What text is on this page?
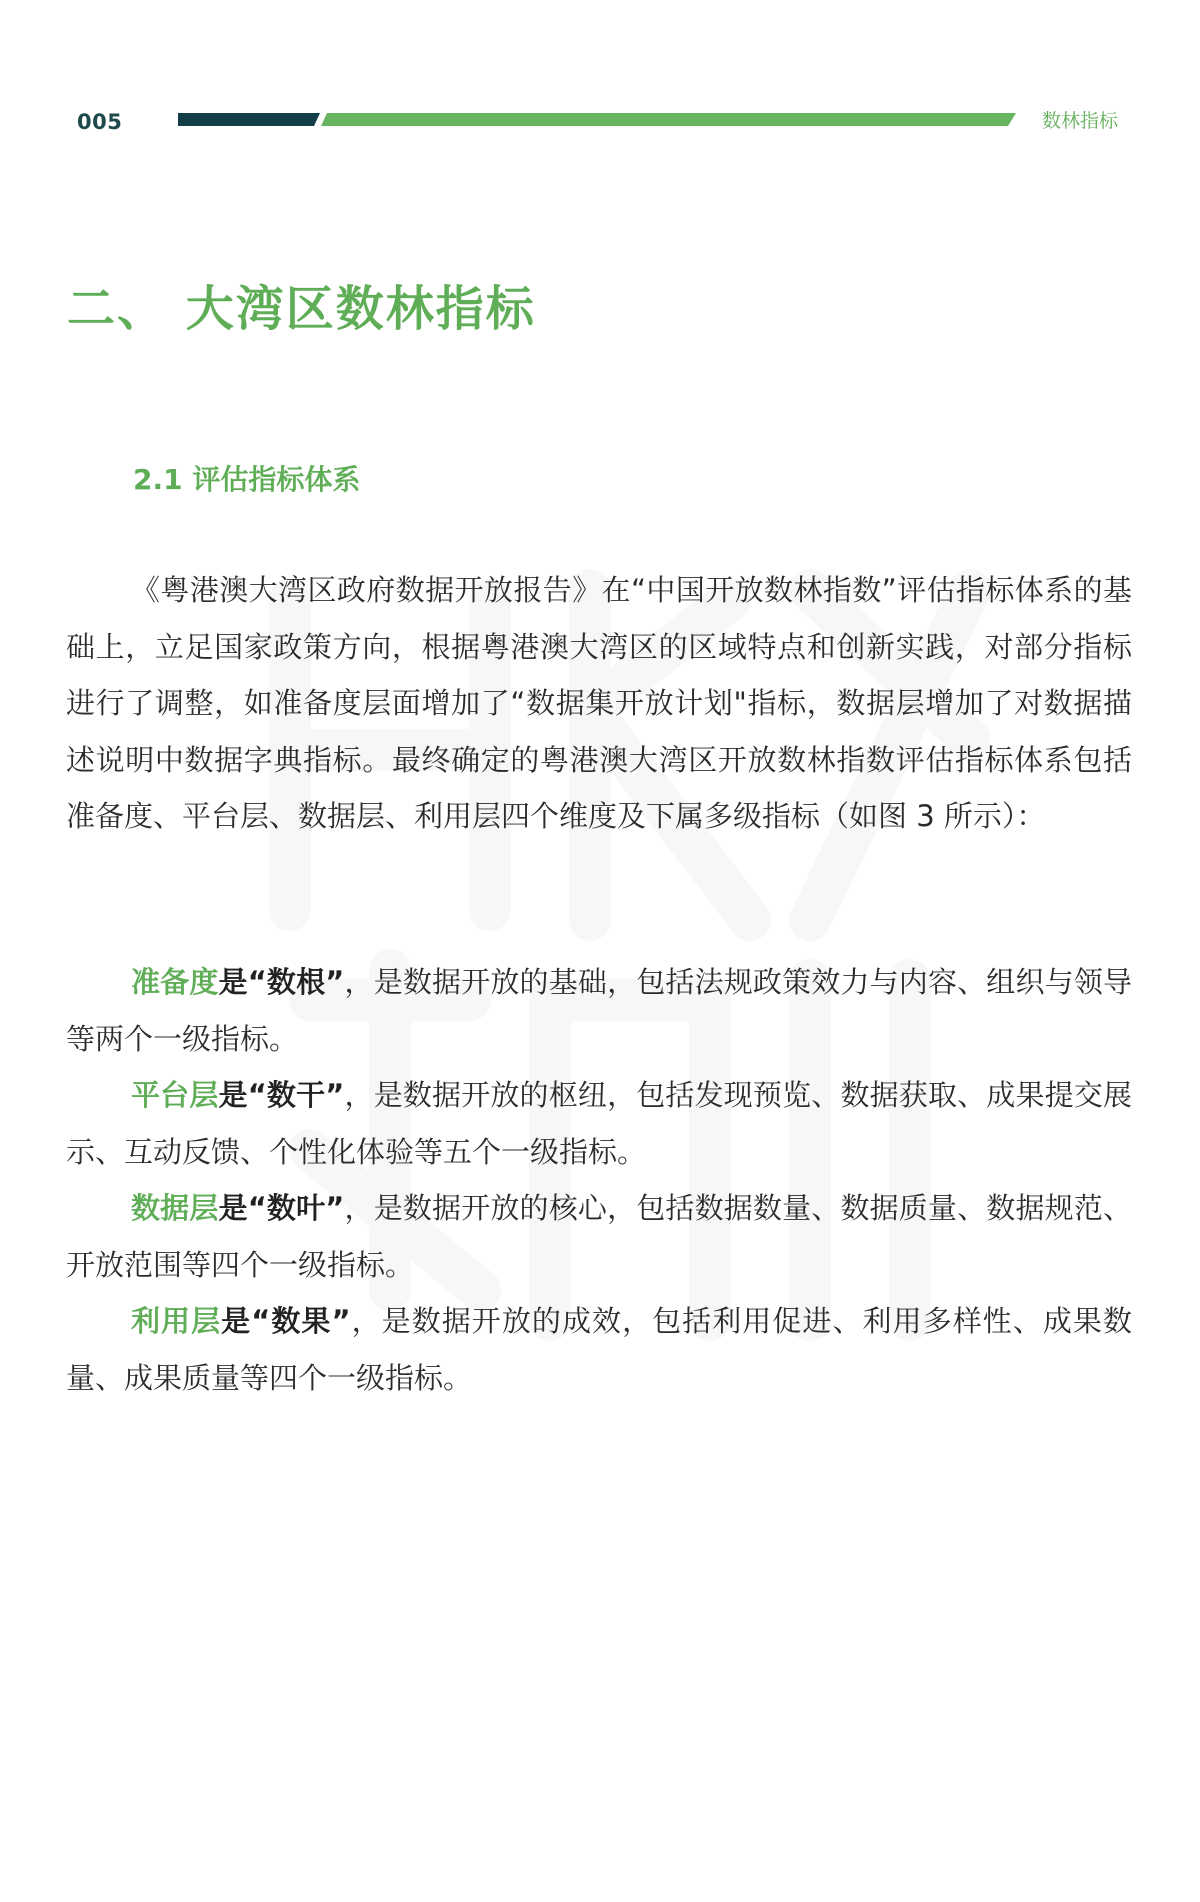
005	数林指标
二、 大湾区数林指标
2.1 评估指标体系

《粤港澳大湾区政府数据开放报告》在“中国开放数林指数”评估指标体系的基础上，立足国家政策方向，根据粤港澳大湾区的区域特点和创新实践，对部分指标进行了调整，如准备度层面增加了“数据集开放计划"指标，数据层增加了对数据描述说明中数据字典指标。最终确定的粤港澳大湾区开放数林指数评估指标体系包括准备度、平台层、数据层、利用层四个维度及下属多级指标（如图 3 所示）：

准备度是“数根”，是数据开放的基础，包括法规政策效力与内容、组织与领导等两个一级指标。

平台层是“数干”，是数据开放的枢纽，包括发现预览、数据获取、成果提交展示、互动反馈、个性化体验等五个一级指标。

数据层是“数叶”，是数据开放的核心，包括数据数量、数据质量、数据规范、开放范围等四个一级指标。

利用层是“数果”，是数据开放的成效，包括利用促进、利用多样性、成果数量、成果质量等四个一级指标。
